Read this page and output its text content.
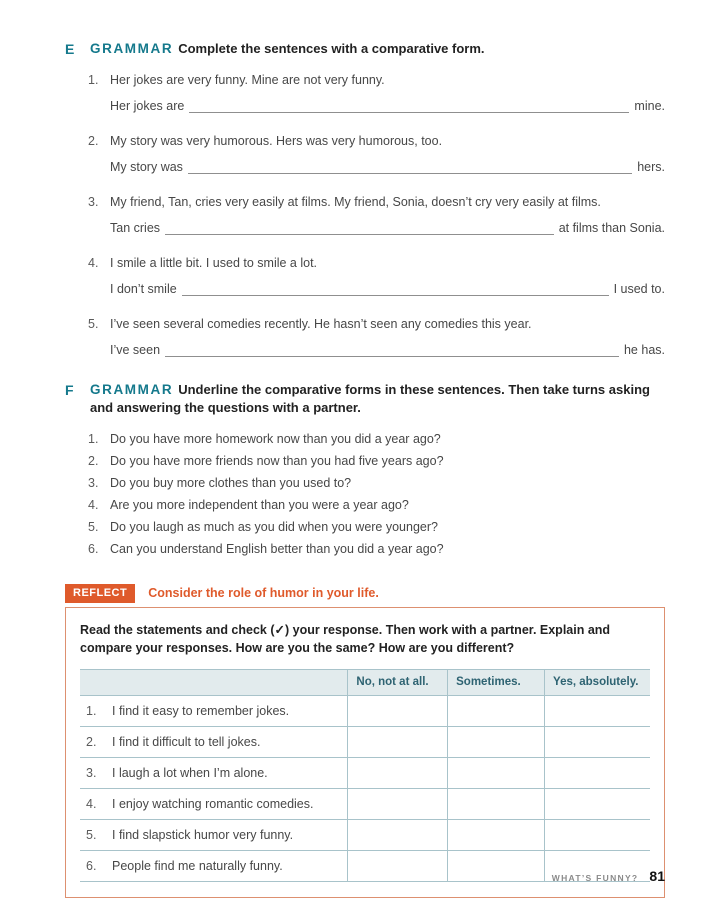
E GRAMMAR Complete the sentences with a comparative form.
1. Her jokes are very funny. Mine are not very funny.
Her jokes are	mine.
2. My story was very humorous. Hers was very humorous, too.
My story was	hers.
3. My friend, Tan, cries very easily at films. My friend, Sonia, doesn’t cry very easily at films.
Tan cries	at films than Sonia.
4. I smile a little bit. I used to smile a lot.
I don’t smile	I used to.
5. I’ve seen several comedies recently. He hasn’t seen any comedies this year.
I’ve seen	he has.
F GRAMMAR Underline the comparative forms in these sentences. Then take turns asking and answering the questions with a partner.
1. Do you have more homework now than you did a year ago?
2. Do you have more friends now than you had five years ago?
3. Do you buy more clothes than you used to?
4. Are you more independent than you were a year ago?
5. Do you laugh as much as you did when you were younger?
6. Can you understand English better than you did a year ago?
REFLECT	Consider the role of humor in your life.
Read the statements and check (✓) your response. Then work with a partner. Explain and compare your responses. How are you the same? How are you different?
	No, not at all.	Sometimes.	Yes, absolutely.
1. I find it easy to remember jokes.			
2. I find it difficult to tell jokes.			
3. I laugh a lot when I’m alone.			
4. I enjoy watching romantic comedies.			
5. I find slapstick humor very funny.			
6. People find me naturally funny.			
WHAT’S FUNNY? 81
